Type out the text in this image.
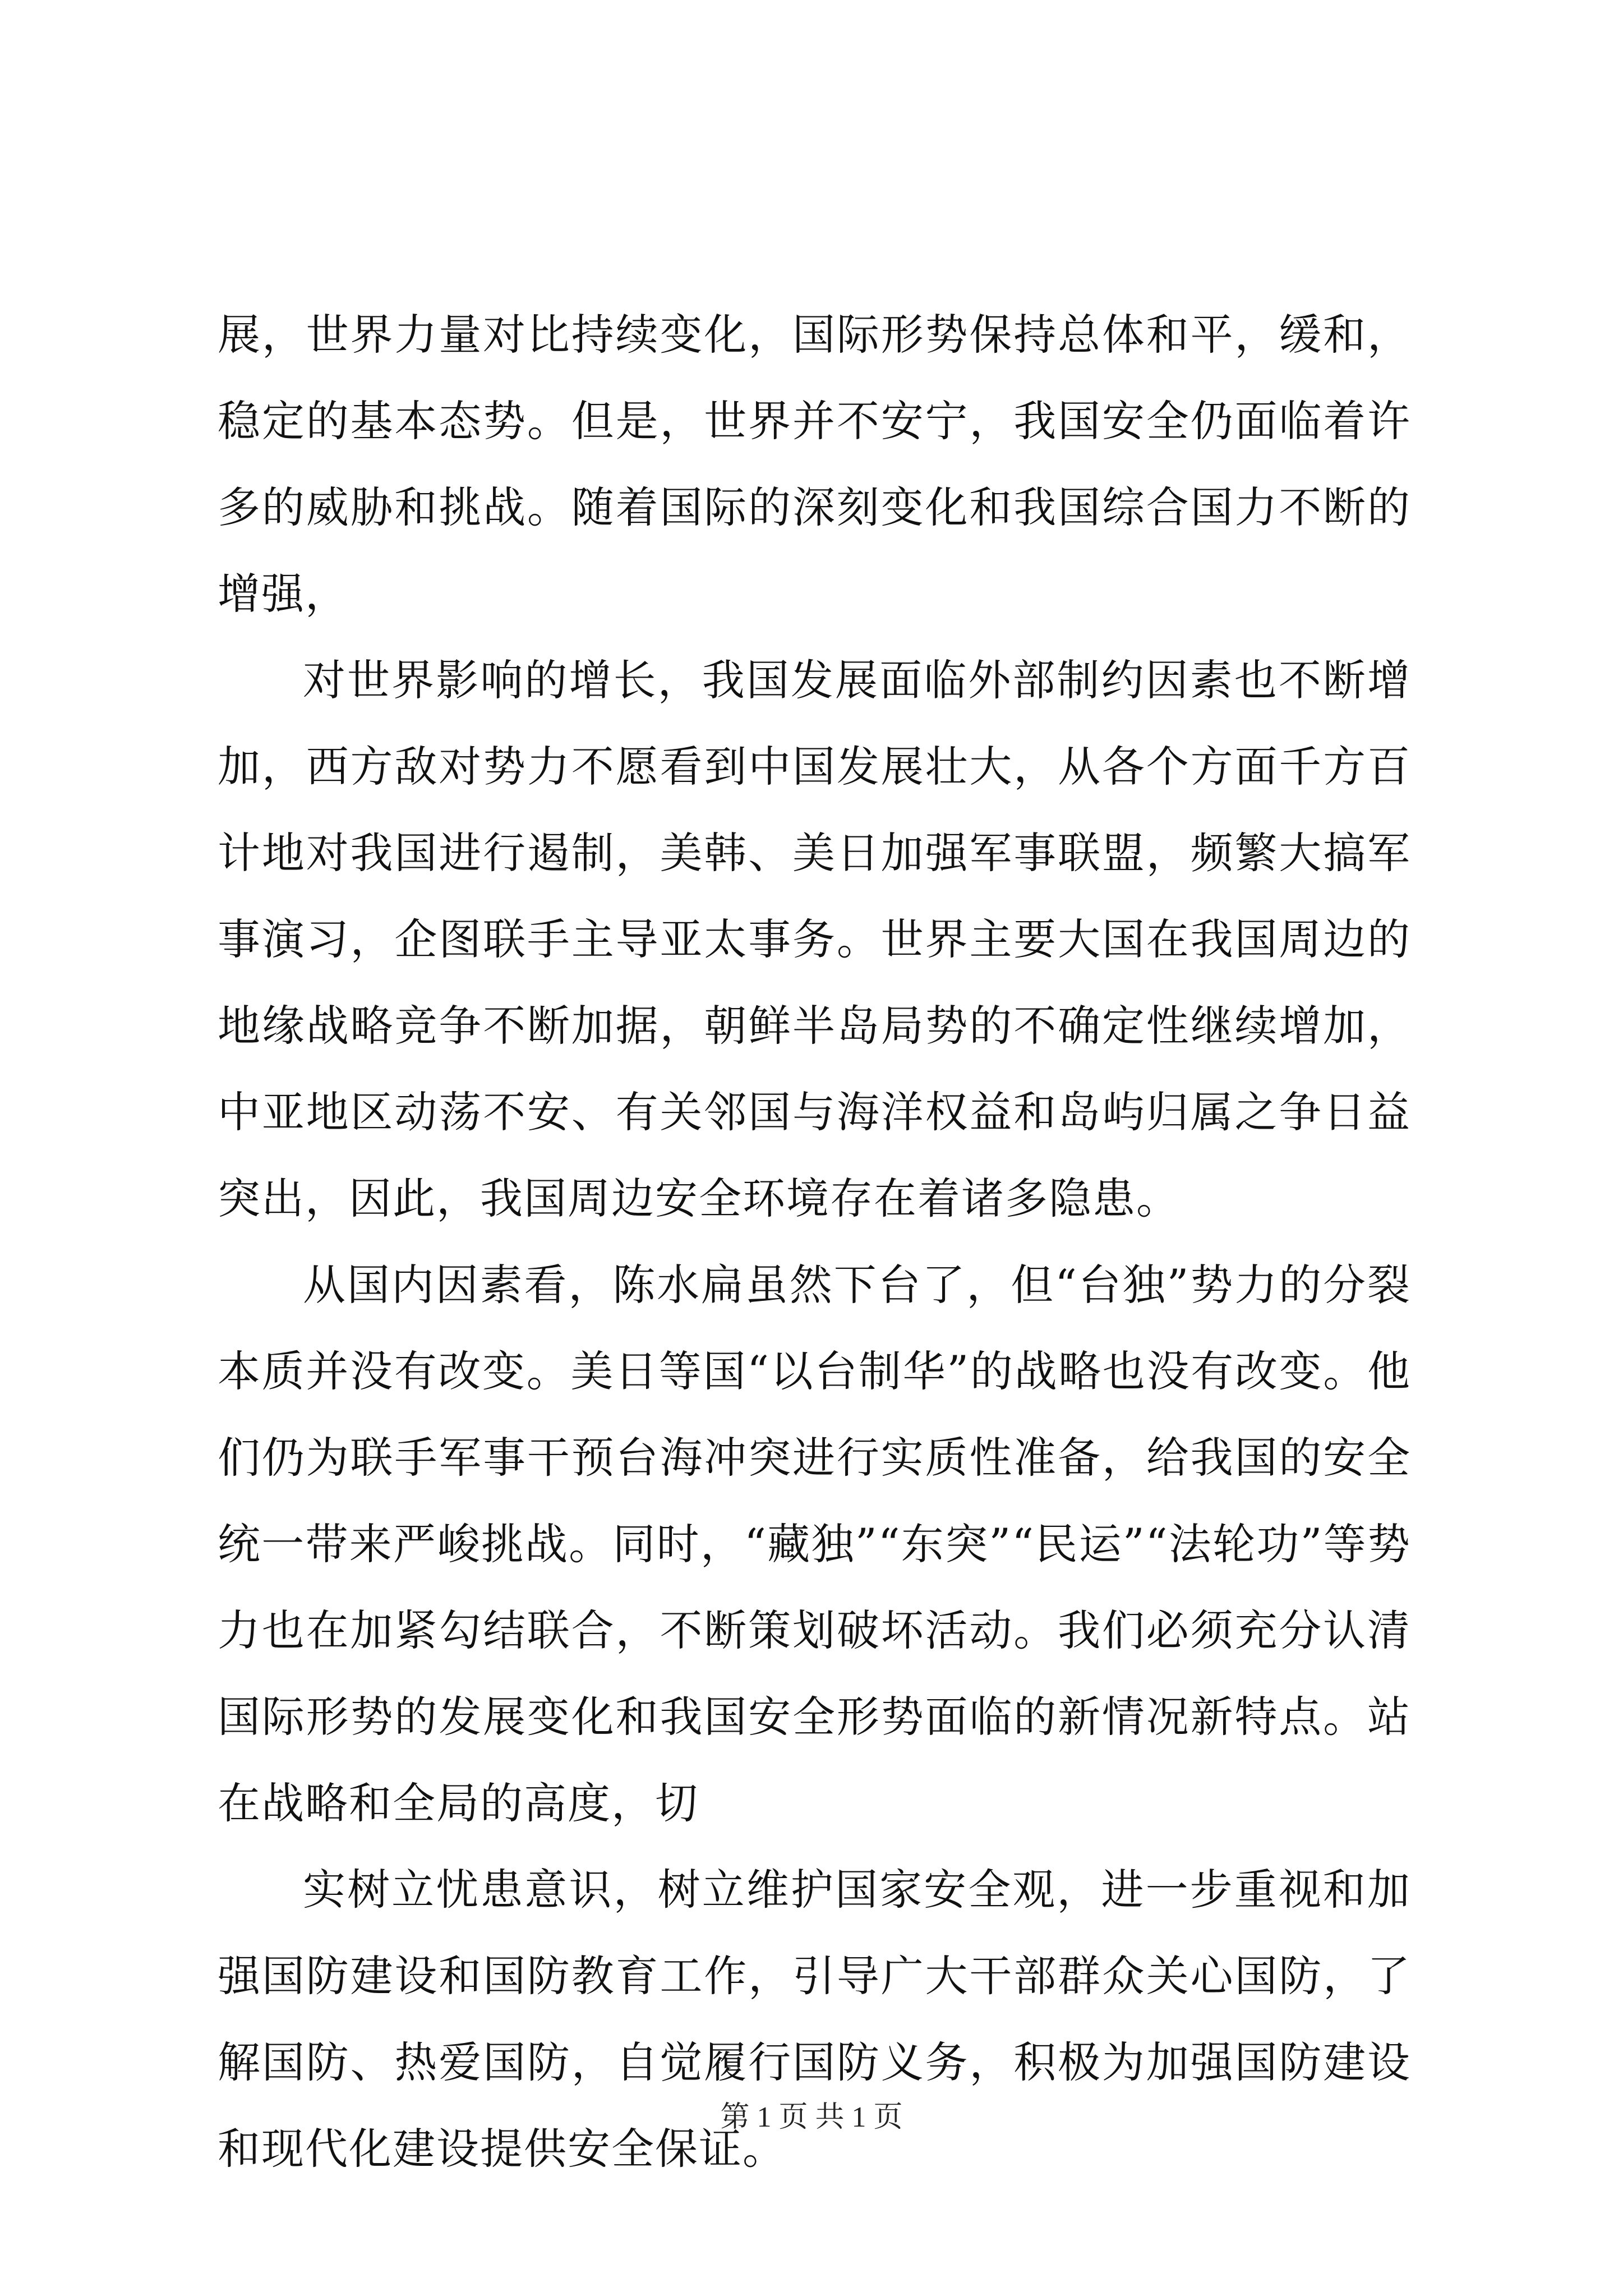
展，世界力量对比持续变化，国际形势保持总体和平，缓和，稳定的基本态势。但是，世界并不安宁，我国安全仍面临着许多的威胁和挑战。随着国际的深刻变化和我国综合国力不断的增强，

对世界影响的增长，我国发展面临外部制约因素也不断增加，西方敌对势力不愿看到中国发展壮大，从各个方面千方百计地对我国进行遏制，美韩、美日加强军事联盟，频繁大搞军事演习，企图联手主导亚太事务。世界主要大国在我国周边的地缘战略竞争不断加据，朝鲜半岛局势的不确定性继续增加，中亚地区动荡不安、有关邻国与海洋权益和岛屿归属之争日益突出，因此，我国周边安全环境存在着诸多隐患。

从国内因素看，陈水扁虽然下台了，但“台独”势力的分裂本质并没有改变。美日等国“以台制华”的战略也没有改变。他们仍为联手军事干预台海冲突进行实质性准备，给我国的安全统一带来严峻挑战。同时，“藏独”“东突”“民运”“法轮功”等势力也在加紧勾结联合，不断策划破坏活动。我们必须充分认清国际形势的发展变化和我国安全形势面临的新情况新特点。站在战略和全局的高度，切

实树立忧患意识，树立维护国家安全观，进一步重视和加强国防建设和国防教育工作，引导广大干部群众关心国防，了解国防、热爱国防，自觉履行国防义务，积极为加强国防建设和现代化建设提供安全保证。

第 1 页 共 1 页
